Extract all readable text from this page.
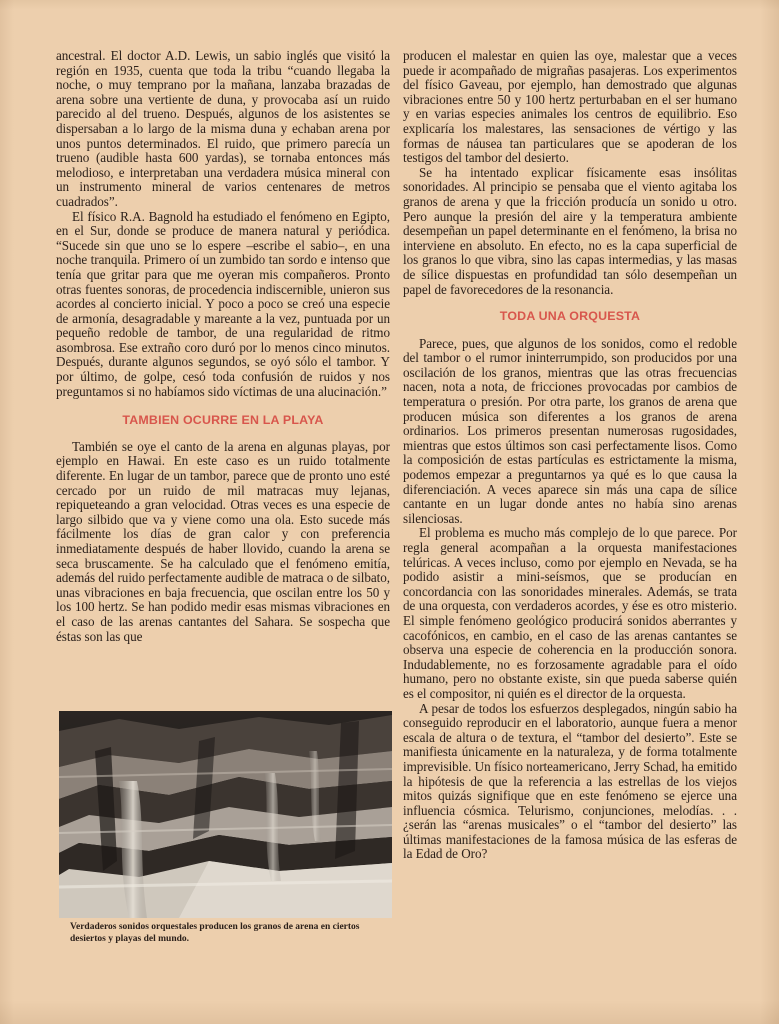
ancestral. El doctor A.D. Lewis, un sabio inglés que visitó la región en 1935, cuenta que toda la tribu “cuando llegaba la noche, o muy temprano por la mañana, lanzaba brazadas de arena sobre una vertiente de duna, y provocaba así un ruido parecido al del trueno. Después, algunos de los asistentes se dispersaban a lo largo de la misma duna y echaban arena por unos puntos determinados. El ruido, que primero parecía un trueno (audible hasta 600 yardas), se tornaba entonces más melodioso, e interpretaban una verdadera música mineral con un instrumento mineral de varios centenares de metros cuadrados”.

El físico R.A. Bagnold ha estudiado el fenómeno en Egipto, en el Sur, donde se produce de manera natural y periódica. “Sucede sin que uno se lo espere –escribe el sabio–, en una noche tranquila. Primero oí un zumbido tan sordo e intenso que tenía que gritar para que me oyeran mis compañeros. Pronto otras fuentes sonoras, de procedencia indiscernible, unieron sus acordes al concierto inicial. Y poco a poco se creó una especie de armonía, desagradable y mareante a la vez, puntuada por un pequeño redoble de tambor, de una regularidad de ritmo asombrosa. Ese extraño coro duró por lo menos cinco minutos. Después, durante algunos segundos, se oyó sólo el tambor. Y por último, de golpe, cesó toda confusión de ruidos y nos preguntamos si no habíamos sido víctimas de una alucinación.”

TAMBIEN OCURRE EN LA PLAYA

También se oye el canto de la arena en algunas playas, por ejemplo en Hawai. En este caso es un ruido totalmente diferente. En lugar de un tambor, parece que de pronto uno esté cercado por un ruido de mil matracas muy lejanas, repiqueteando a gran velocidad. Otras veces es una especie de largo silbido que va y viene como una ola. Esto sucede más fácilmente los días de gran calor y con preferencia inmediatamente después de haber llovido, cuando la arena se seca bruscamente. Se ha calculado que el fenómeno emitía, además del ruido perfectamente audible de matraca o de silbato, unas vibraciones en baja frecuencia, que oscilan entre los 50 y los 100 hertz. Se han podido medir esas mismas vibraciones en el caso de las arenas cantantes del Sahara. Se sospecha que éstas son las que

producen el malestar en quien las oye, malestar que a veces puede ir acompañado de migrañas pasajeras. Los experimentos del físico Gaveau, por ejemplo, han demostrado que algunas vibraciones entre 50 y 100 hertz perturbaban en el ser humano y en varias especies animales los centros de equilibrio. Eso explicaría los malestares, las sensaciones de vértigo y las formas de náusea tan particulares que se apoderan de los testigos del tambor del desierto.

Se ha intentado explicar físicamente esas insólitas sonoridades. Al principio se pensaba que el viento agitaba los granos de arena y que la fricción producía un sonido u otro. Pero aunque la presión del aire y la temperatura ambiente desempeñan un papel determinante en el fenómeno, la brisa no interviene en absoluto. En efecto, no es la capa superficial de los granos lo que vibra, sino las capas intermedias, y las masas de sílice dispuestas en profundidad tan sólo desempeñan un papel de favorecedores de la resonancia.

TODA UNA ORQUESTA

Parece, pues, que algunos de los sonidos, como el redoble del tambor o el rumor ininterrumpido, son producidos por una oscilación de los granos, mientras que las otras frecuencias nacen, nota a nota, de fricciones provocadas por cambios de temperatura o presión. Por otra parte, los granos de arena que producen música son diferentes a los granos de arena ordinarios. Los primeros presentan numerosas rugosidades, mientras que estos últimos son casi perfectamente lisos. Como la composición de estas partículas es estrictamente la misma, podemos empezar a preguntarnos ya qué es lo que causa la diferenciación. A veces aparece sin más una capa de sílice cantante en un lugar donde antes no había sino arenas silenciosas.

El problema es mucho más complejo de lo que parece. Por regla general acompañan a la orquesta manifestaciones telúricas. A veces incluso, como por ejemplo en Nevada, se ha podido asistir a mini-seísmos, que se producían en concordancia con las sonoridades minerales. Además, se trata de una orquesta, con verdaderos acordes, y ése es otro misterio. El simple fenómeno geológico producirá sonidos aberrantes y cacofónicos, en cambio, en el caso de las arenas cantantes se observa una especie de coherencia en la producción sonora. Indudablemente, no es forzosamente agradable para el oído humano, pero no obstante existe, sin que pueda saberse quién es el compositor, ni quién es el director de la orquesta.

A pesar de todos los esfuerzos desplegados, ningún sabio ha conseguido reproducir en el laboratorio, aunque fuera a menor escala de altura o de textura, el “tambor del desierto”. Este se manifiesta únicamente en la naturaleza, y de forma totalmente imprevisible. Un físico norteamericano, Jerry Schad, ha emitido la hipótesis de que la referencia a las estrellas de los viejos mitos quizás signifique que en este fenómeno se ejerce una influencia cósmica. Telurismo, conjunciones, melodías. . . ¿serán las “arenas musicales” o el “tambor del desierto” las últimas manifestaciones de la famosa música de las esferas de la Edad de Oro?

Verdaderos sonidos orquestales producen los granos de arena en ciertos desiertos y playas del mundo.
